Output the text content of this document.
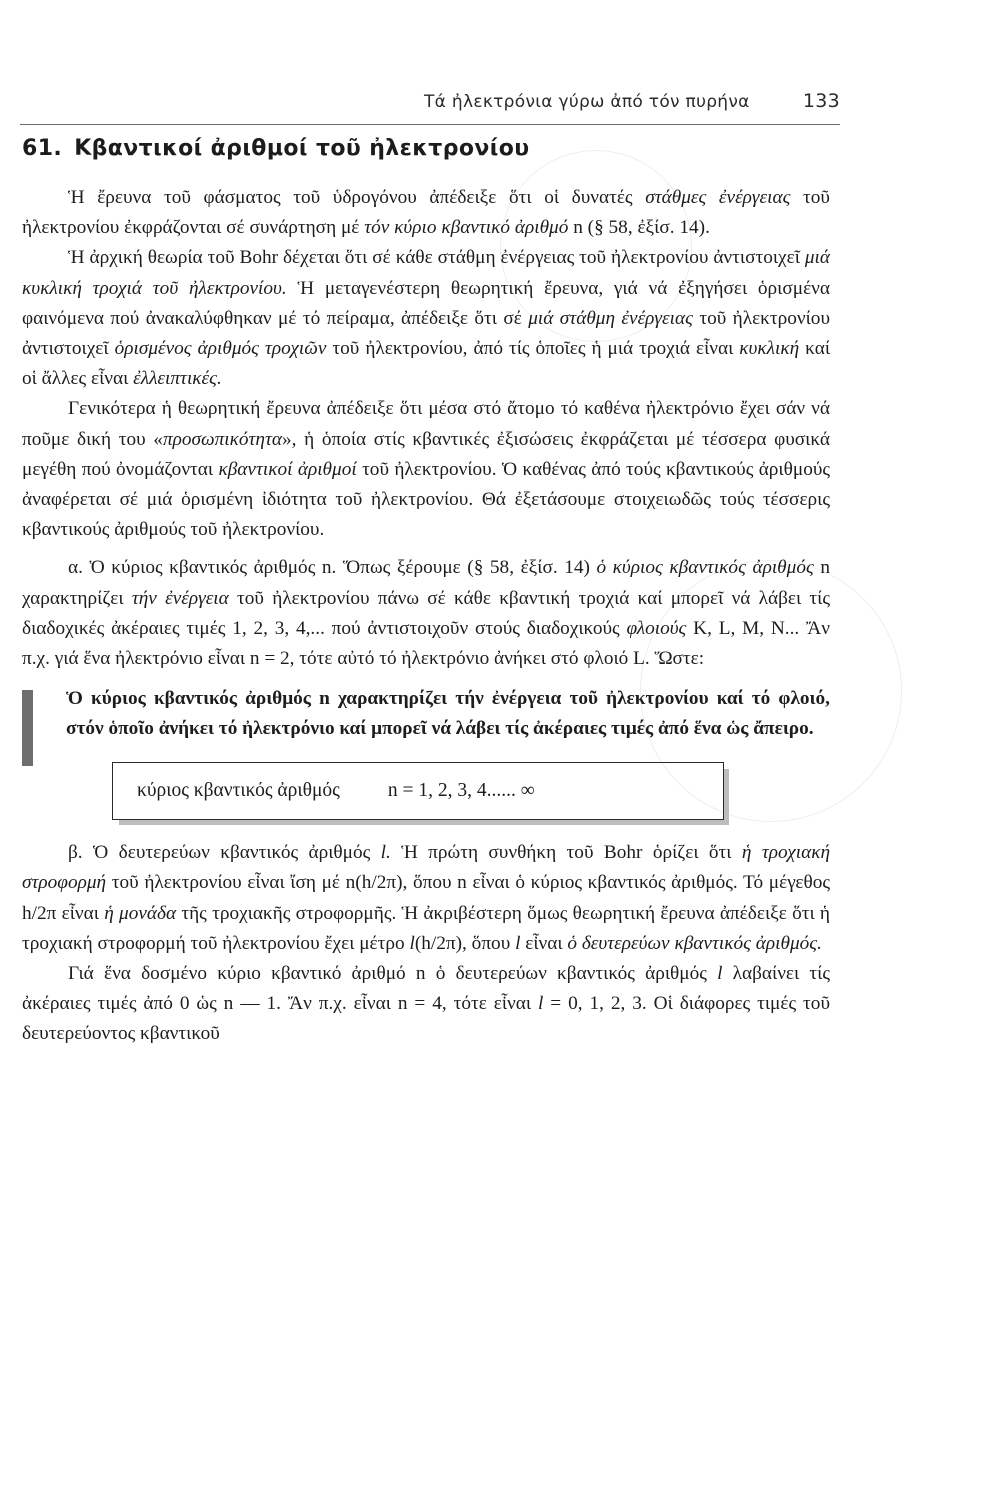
Τά ἠλεκτρόνια γύρω ἀπό τόν πυρήνα	133
61. Κβαντικοί ἀριθμοί τοῦ ἠλεκτρονίου

Ἡ ἔρευνα τοῦ φάσματος τοῦ ὑδρογόνου ἀπέδειξε ὅτι οἱ δυνατές στάθμες ἐνέργειας τοῦ ἠλεκτρονίου ἐκφράζονται σέ συνάρτηση μέ τόν κύριο κβαντικό ἀριθμό n (§ 58, ἐξίσ. 14).

Ἡ ἀρχική θεωρία τοῦ Bohr δέχεται ὅτι σέ κάθε στάθμη ἐνέργειας τοῦ ἠλεκτρονίου ἀντιστοιχεῖ μιά κυκλική τροχιά τοῦ ἠλεκτρονίου. Ἡ μεταγενέστερη θεωρητική ἔρευνα, γιά νά ἐξηγήσει ὁρισμένα φαινόμενα πού ἀνακαλύφθηκαν μέ τό πείραμα, ἀπέδειξε ὅτι σέ μιά στάθμη ἐνέργειας τοῦ ἠλεκτρονίου ἀντιστοιχεῖ ὁρισμένος ἀριθμός τροχιῶν τοῦ ἠλεκτρονίου, ἀπό τίς ὁποῖες ἡ μιά τροχιά εἶναι κυκλική καί οἱ ἄλλες εἶναι ἐλλειπτικές.

Γενικότερα ἡ θεωρητική ἔρευνα ἀπέδειξε ὅτι μέσα στό ἄτομο τό καθένα ἠλεκτρόνιο ἔχει σάν νά ποῦμε δική του «προσωπικότητα», ἡ ὁποία στίς κβαντικές ἐξισώσεις ἐκφράζεται μέ τέσσερα φυσικά μεγέθη πού ὀνομάζονται κβαντικοί ἀριθμοί τοῦ ἠλεκτρονίου. Ὁ καθένας ἀπό τούς κβαντικούς ἀριθμούς ἀναφέρεται σέ μιά ὁρισμένη ἰδιότητα τοῦ ἠλεκτρονίου. Θά ἐξετάσουμε στοιχειωδῶς τούς τέσσερις κβαντικούς ἀριθμούς τοῦ ἠλεκτρονίου.

α. Ὁ κύριος κβαντικός ἀριθμός n. Ὅπως ξέρουμε (§ 58, ἐξίσ. 14) ὁ κύριος κβαντικός ἀριθμός n χαρακτηρίζει τήν ἐνέργεια τοῦ ἠλεκτρονίου πάνω σέ κάθε κβαντική τροχιά καί μπορεῖ νά λάβει τίς διαδοχικές ἀκέραιες τιμές 1, 2, 3, 4,... πού ἀντιστοιχοῦν στούς διαδοχικούς φλοιούς K, L, M, N... Ἄν π.χ. γιά ἕνα ἠλεκτρόνιο εἶναι n = 2, τότε αὐτό τό ἠλεκτρόνιο ἀνήκει στό φλοιό L. Ὥστε:

Ὁ κύριος κβαντικός ἀριθμός n χαρακτηρίζει τήν ἐνέργεια τοῦ ἠλεκτρονίου καί τό φλοιό, στόν ὁποῖο ἀνήκει τό ἠλεκτρόνιο καί μπορεῖ νά λάβει τίς ἀκέραιες τιμές ἀπό ἕνα ὡς ἄπειρο.
κύριος κβαντικός ἀριθμός n = 1, 2, 3, 4...... ∞

β. Ὁ δευτερεύων κβαντικός ἀριθμός l. Ἡ πρώτη συνθήκη τοῦ Bohr ὁρίζει ὅτι ἡ τροχιακή στροφορμή τοῦ ἠλεκτρονίου εἶναι ἴση μέ n(h/2π), ὅπου n εἶναι ὁ κύριος κβαντικός ἀριθμός. Τό μέγεθος h/2π εἶναι ἡ μονάδα τῆς τροχιακῆς στροφορμῆς. Ἡ ἀκριβέστερη ὅμως θεωρητική ἔρευνα ἀπέδειξε ὅτι ἡ τροχιακή στροφορμή τοῦ ἠλεκτρονίου ἔχει μέτρο l(h/2π), ὅπου l εἶναι ὁ δευτερεύων κβαντικός ἀριθμός.

Γιά ἕνα δοσμένο κύριο κβαντικό ἀριθμό n ὁ δευτερεύων κβαντικός ἀριθμός l λαβαίνει τίς ἀκέραιες τιμές ἀπό 0 ὡς n — 1. Ἄν π.χ. εἶναι n = 4, τότε εἶναι l = 0, 1, 2, 3. Οἱ διάφορες τιμές τοῦ δευτερεύοντος κβαντικοῦ
